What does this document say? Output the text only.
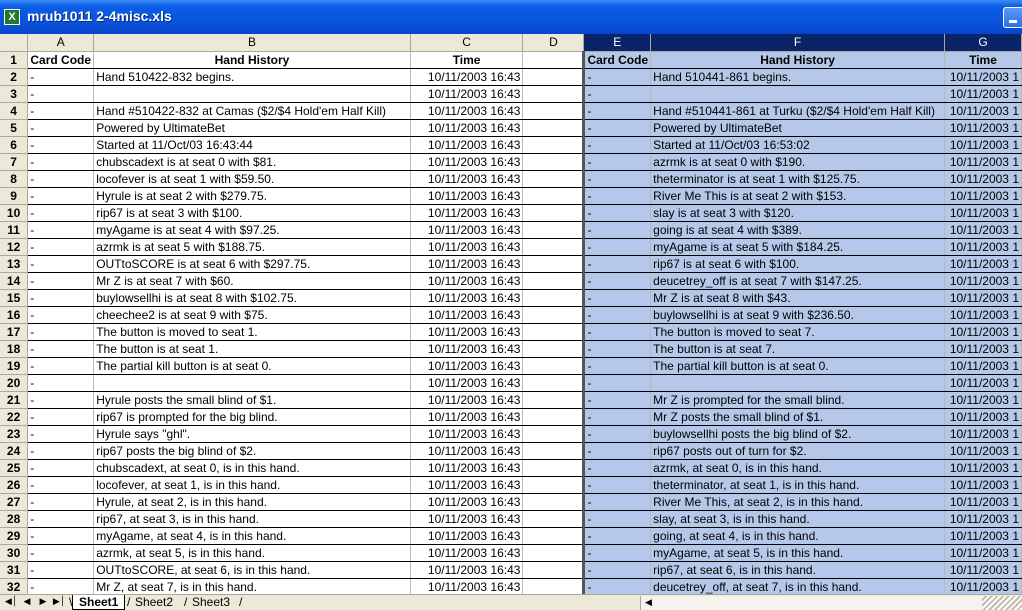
X mrub1011 2-4misc.xls
	A	B	C	D	E	F	G
1	Card Code	Hand History	Time		Card Code	Hand History	Time
2	-	Hand 510422-832 begins.	10/11/2003 16:43		-	Hand 510441-861 begins.	10/11/2003 1
3	-		10/11/2003 16:43		-		10/11/2003 1
4	-	Hand #510422-832 at Camas ($2/$4 Hold'em Half Kill)	10/11/2003 16:43		-	Hand #510441-861 at Turku ($2/$4 Hold'em Half Kill)	10/11/2003 1
5	-	Powered by UltimateBet	10/11/2003 16:43		-	Powered by UltimateBet	10/11/2003 1
6	-	Started at 11/Oct/03 16:43:44	10/11/2003 16:43		-	Started at 11/Oct/03 16:53:02	10/11/2003 1
7	-	chubscadext is at seat 0 with $81.	10/11/2003 16:43		-	azrmk is at seat 0 with $190.	10/11/2003 1
8	-	locofever is at seat 1 with $59.50.	10/11/2003 16:43		-	theterminator is at seat 1 with $125.75.	10/11/2003 1
9	-	Hyrule is at seat 2 with $279.75.	10/11/2003 16:43		-	River Me This is at seat 2 with $153.	10/11/2003 1
10	-	rip67 is at seat 3 with $100.	10/11/2003 16:43		-	slay is at seat 3 with $120.	10/11/2003 1
11	-	myAgame is at seat 4 with $97.25.	10/11/2003 16:43		-	going is at seat 4 with $389.	10/11/2003 1
12	-	azrmk is at seat 5 with $188.75.	10/11/2003 16:43		-	myAgame is at seat 5 with $184.25.	10/11/2003 1
13	-	OUTtoSCORE is at seat 6 with $297.75.	10/11/2003 16:43		-	rip67 is at seat 6 with $100.	10/11/2003 1
14	-	Mr Z is at seat 7 with $60.	10/11/2003 16:43		-	deucetrey_off is at seat 7 with $147.25.	10/11/2003 1
15	-	buylowsellhi is at seat 8 with $102.75.	10/11/2003 16:43		-	Mr Z is at seat 8 with $43.	10/11/2003 1
16	-	cheechee2 is at seat 9 with $75.	10/11/2003 16:43		-	buylowsellhi is at seat 9 with $236.50.	10/11/2003 1
17	-	The button is moved to seat 1.	10/11/2003 16:43		-	The button is moved to seat 7.	10/11/2003 1
18	-	The button is at seat 1.	10/11/2003 16:43		-	The button is at seat 7.	10/11/2003 1
19	-	The partial kill button is at seat 0.	10/11/2003 16:43		-	The partial kill button is at seat 0.	10/11/2003 1
20	-		10/11/2003 16:43		-		10/11/2003 1
21	-	Hyrule posts the small blind of $1.	10/11/2003 16:43		-	Mr Z is prompted for the small blind.	10/11/2003 1
22	-	rip67 is prompted for the big blind.	10/11/2003 16:43		-	Mr Z posts the small blind of $1.	10/11/2003 1
23	-	Hyrule says "ghl".	10/11/2003 16:43		-	buylowsellhi posts the big blind of $2.	10/11/2003 1
24	-	rip67 posts the big blind of $2.	10/11/2003 16:43		-	rip67 posts out of turn for $2.	10/11/2003 1
25	-	chubscadext, at seat 0, is in this hand.	10/11/2003 16:43		-	azrmk, at seat 0, is in this hand.	10/11/2003 1
26	-	locofever, at seat 1, is in this hand.	10/11/2003 16:43		-	theterminator, at seat 1, is in this hand.	10/11/2003 1
27	-	Hyrule, at seat 2, is in this hand.	10/11/2003 16:43		-	River Me This, at seat 2, is in this hand.	10/11/2003 1
28	-	rip67, at seat 3, is in this hand.	10/11/2003 16:43		-	slay, at seat 3, is in this hand.	10/11/2003 1
29	-	myAgame, at seat 4, is in this hand.	10/11/2003 16:43		-	going, at seat 4, is in this hand.	10/11/2003 1
30	-	azrmk, at seat 5, is in this hand.	10/11/2003 16:43		-	myAgame, at seat 5, is in this hand.	10/11/2003 1
31	-	OUTtoSCORE, at seat 6, is in this hand.	10/11/2003 16:43		-	rip67, at seat 6, is in this hand.	10/11/2003 1
32	-	Mr Z, at seat 7, is in this hand.	10/11/2003 16:43		-	deucetrey_off, at seat 7, is in this hand.	10/11/2003 1
◀│ ◀	▶ ▶│ \ Sheet1 / Sheet2 / Sheet3 /	◀
